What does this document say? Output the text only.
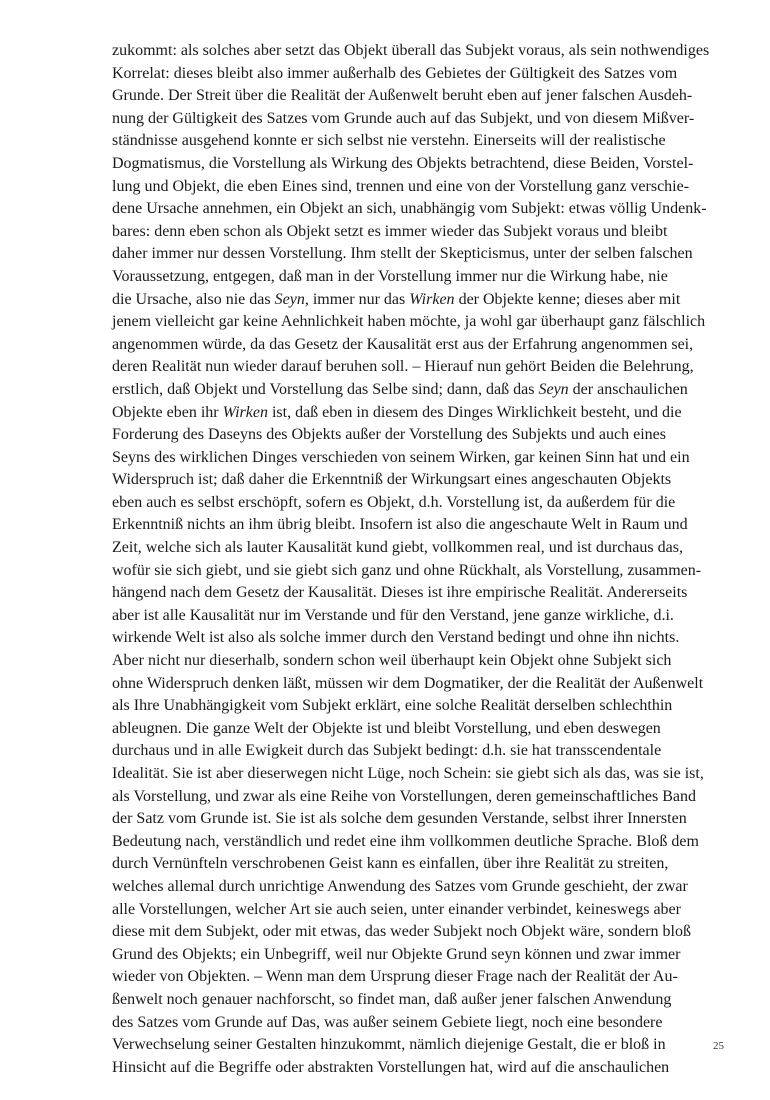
zukommt: als solches aber setzt das Objekt überall das Subjekt voraus, als sein nothwendiges
Korrelat: dieses bleibt also immer außerhalb des Gebietes der Gültigkeit des Satzes vom
Grunde. Der Streit über die Realität der Außenwelt beruht eben auf jener falschen Ausdeh-
nung der Gültigkeit des Satzes vom Grunde auch auf das Subjekt, und von diesem Mißver-
ständnisse ausgehend konnte er sich selbst nie verstehn. Einerseits will der realistische
Dogmatismus, die Vorstellung als Wirkung des Objekts betrachtend, diese Beiden, Vorstel-
lung und Objekt, die eben Eines sind, trennen und eine von der Vorstellung ganz verschie-
dene Ursache annehmen, ein Objekt an sich, unabhängig vom Subjekt: etwas völlig Undenk-
bares: denn eben schon als Objekt setzt es immer wieder das Subjekt voraus und bleibt
daher immer nur dessen Vorstellung. Ihm stellt der Skepticismus, unter der selben falschen
Voraussetzung, entgegen, daß man in der Vorstellung immer nur die Wirkung habe, nie
die Ursache, also nie das Seyn, immer nur das Wirken der Objekte kenne; dieses aber mit
jenem vielleicht gar keine Aehnlichkeit haben möchte, ja wohl gar überhaupt ganz fälschlich
angenommen würde, da das Gesetz der Kausalität erst aus der Erfahrung angenommen sei,
deren Realität nun wieder darauf beruhen soll. – Hierauf nun gehört Beiden die Belehrung,
erstlich, daß Objekt und Vorstellung das Selbe sind; dann, daß das Seyn der anschaulichen
Objekte eben ihr Wirken ist, daß eben in diesem des Dinges Wirklichkeit besteht, und die
Forderung des Daseyns des Objekts außer der Vorstellung des Subjekts und auch eines
Seyns des wirklichen Dinges verschieden von seinem Wirken, gar keinen Sinn hat und ein
Widerspruch ist; daß daher die Erkenntniß der Wirkungsart eines angeschauten Objekts
eben auch es selbst erschöpft, sofern es Objekt, d.h. Vorstellung ist, da außerdem für die
Erkenntniß nichts an ihm übrig bleibt. Insofern ist also die angeschaute Welt in Raum und
Zeit, welche sich als lauter Kausalität kund giebt, vollkommen real, und ist durchaus das,
wofür sie sich giebt, und sie giebt sich ganz und ohne Rückhalt, als Vorstellung, zusammen-
hängend nach dem Gesetz der Kausalität. Dieses ist ihre empirische Realität. Andererseits
aber ist alle Kausalität nur im Verstande und für den Verstand, jene ganze wirkliche, d.i.
wirkende Welt ist also als solche immer durch den Verstand bedingt und ohne ihn nichts.
Aber nicht nur dieserhalb, sondern schon weil überhaupt kein Objekt ohne Subjekt sich
ohne Widerspruch denken läßt, müssen wir dem Dogmatiker, der die Realität der Außenwelt
als Ihre Unabhängigkeit vom Subjekt erklärt, eine solche Realität derselben schlechthin
ableugnen. Die ganze Welt der Objekte ist und bleibt Vorstellung, und eben deswegen
durchaus und in alle Ewigkeit durch das Subjekt bedingt: d.h. sie hat transscendentale
Idealität. Sie ist aber dieserwegen nicht Lüge, noch Schein: sie giebt sich als das, was sie ist,
als Vorstellung, und zwar als eine Reihe von Vorstellungen, deren gemeinschaftliches Band
der Satz vom Grunde ist. Sie ist als solche dem gesunden Verstande, selbst ihrer Innersten
Bedeutung nach, verständlich und redet eine ihm vollkommen deutliche Sprache. Bloß dem
durch Vernünfteln verschrobenen Geist kann es einfallen, über ihre Realität zu streiten,
welches allemal durch unrichtige Anwendung des Satzes vom Grunde geschieht, der zwar
alle Vorstellungen, welcher Art sie auch seien, unter einander verbindet, keineswegs aber
diese mit dem Subjekt, oder mit etwas, das weder Subjekt noch Objekt wäre, sondern bloß
Grund des Objekts; ein Unbegriff, weil nur Objekte Grund seyn können und zwar immer
wieder von Objekten. – Wenn man dem Ursprung dieser Frage nach der Realität der Au-
ßenwelt noch genauer nachforscht, so findet man, daß außer jener falschen Anwendung
des Satzes vom Grunde auf Das, was außer seinem Gebiete liegt, noch eine besondere
Verwechselung seiner Gestalten hinzukommt, nämlich diejenige Gestalt, die er bloß in
Hinsicht auf die Begriffe oder abstrakten Vorstellungen hat, wird auf die anschaulichen
25
